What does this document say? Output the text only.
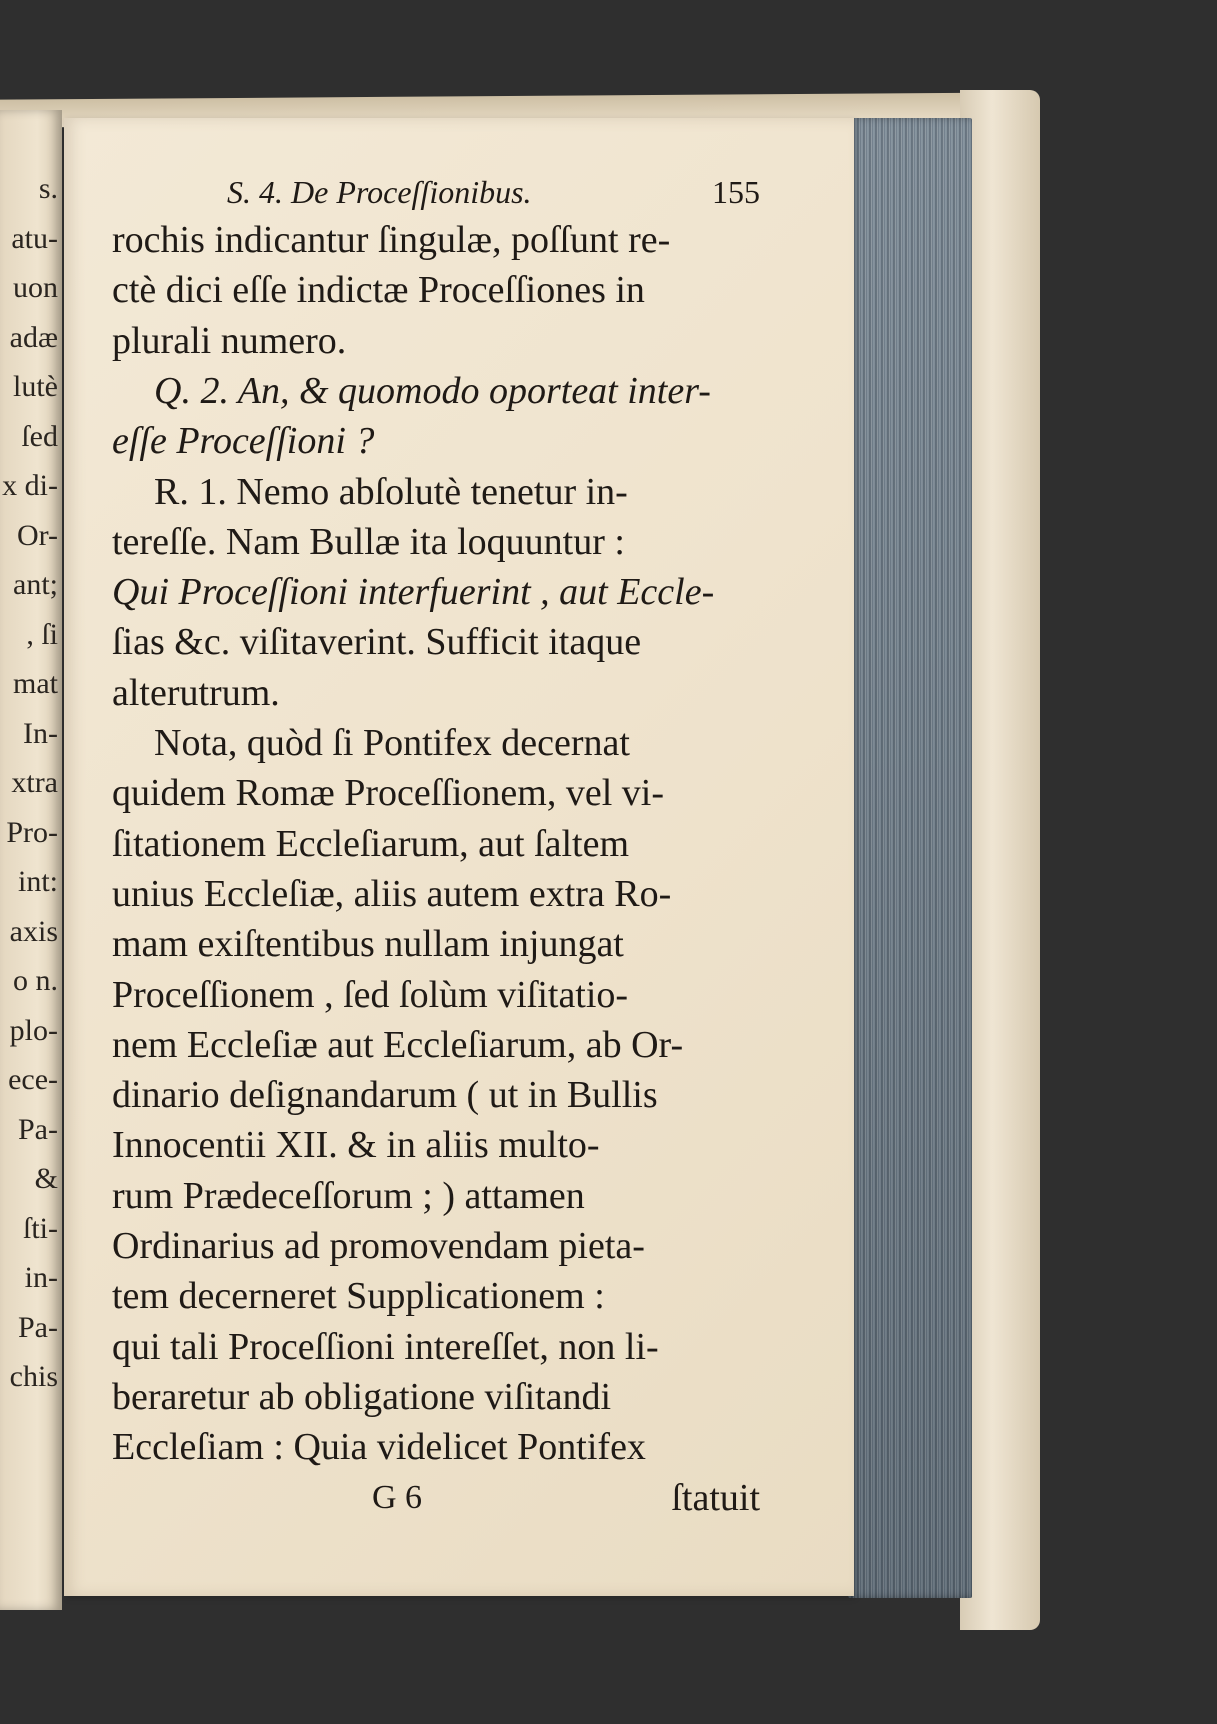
s.
atu-
uon
adæ
lutè
ſed
x di-
Or-
ant;
, ſi
mat
In-
xtra
Pro-
int:
axis
o n.
plo-
ece-
Pa-
&
ſti-
in-
Pa-
chis
S. 4. De Proceſſionibus.	155
rochis indicantur ſingulæ, poſſunt re-
ctè dici eſſe indictæ Proceſſiones in
plurali numero.
Q. 2. An, & quomodo oporteat inter-
eſſe Proceſſioni ?
R. 1. Nemo abſolutè tenetur in-
tereſſe. Nam Bullæ ita loquuntur :
Qui Proceſſioni interfuerint , aut Eccle-
ſias &c. viſitaverint. Sufficit itaque
alterutrum.
Nota, quòd ſi Pontifex decernat
quidem Romæ Proceſſionem, vel vi-
ſitationem Eccleſiarum, aut ſaltem
unius Eccleſiæ, aliis autem extra Ro-
mam exiſtentibus nullam injungat
Proceſſionem , ſed ſolùm viſitatio-
nem Eccleſiæ aut Eccleſiarum, ab Or-
dinario deſignandarum ( ut in Bullis
Innocentii XII. & in aliis multo-
rum Prædeceſſorum ; ) attamen
Ordinarius ad promovendam pieta-
tem decerneret Supplicationem :
qui tali Proceſſioni intereſſet, non li-
beraretur ab obligatione viſitandi
Eccleſiam : Quia videlicet Pontifex
G 6	ſtatuit
